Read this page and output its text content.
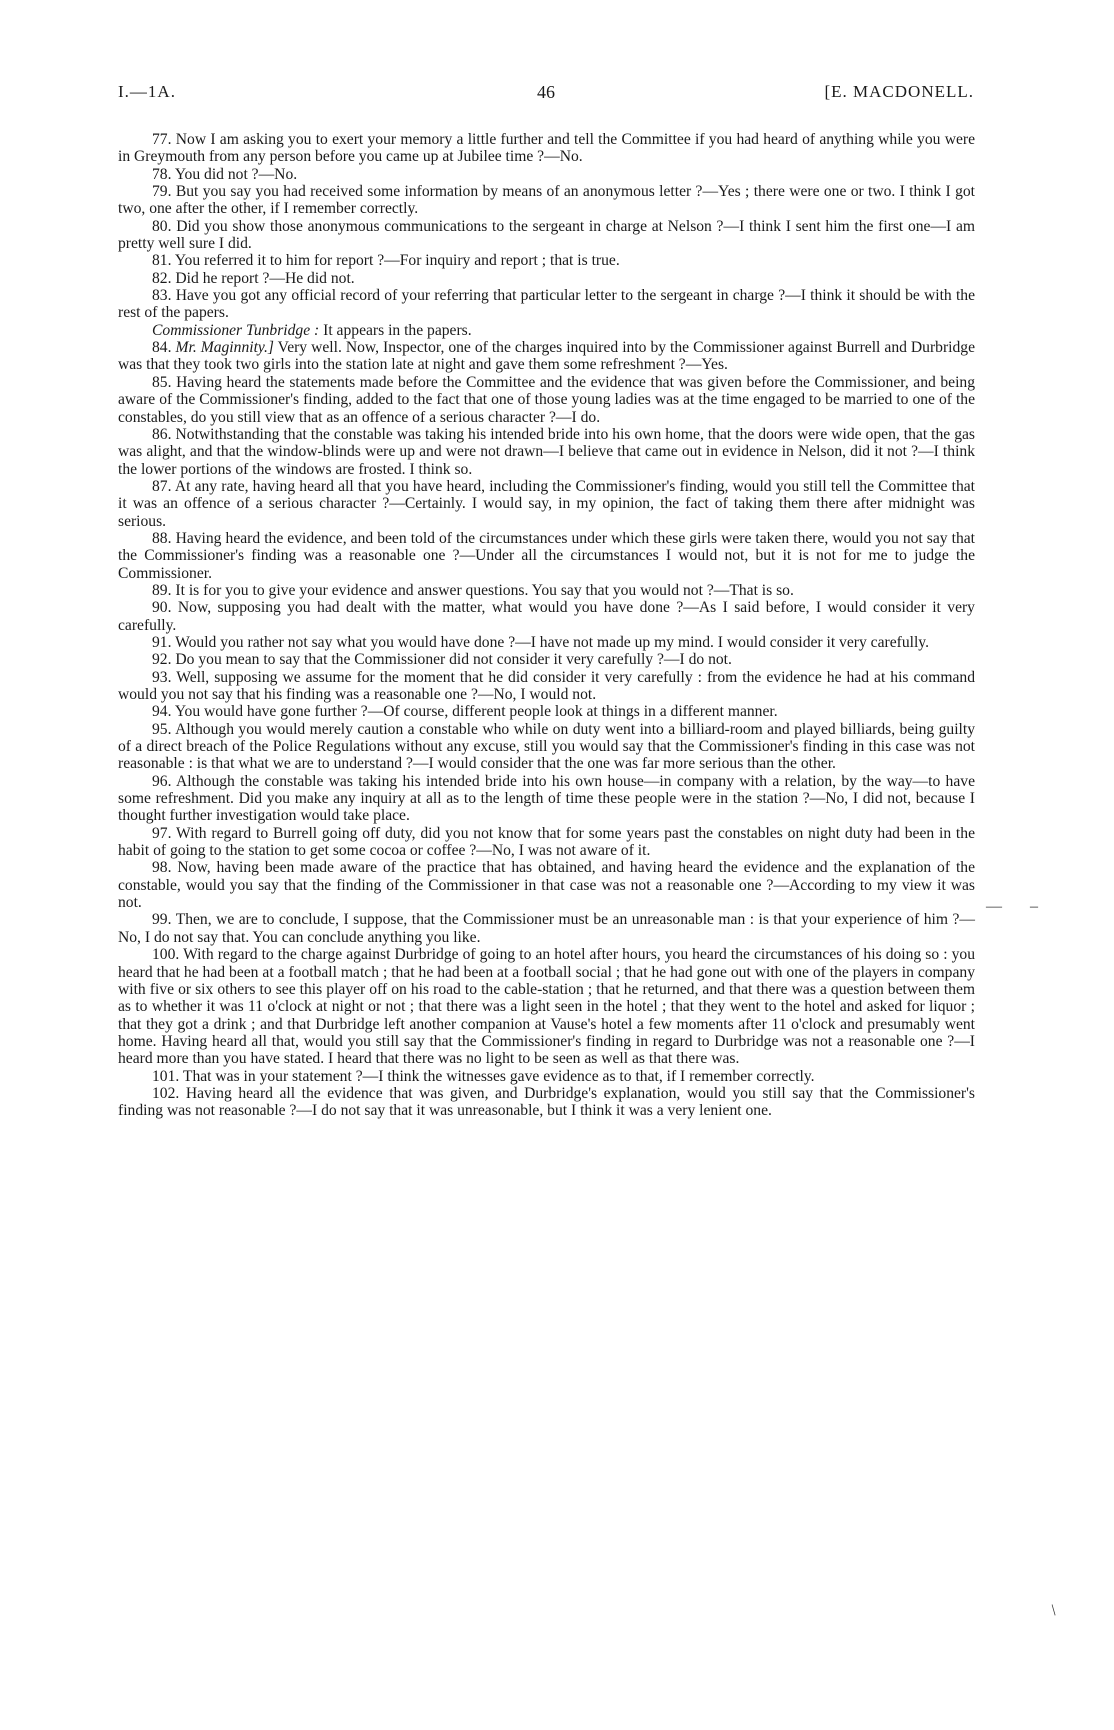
I.—1A.	46	[E. MACDONELL.

77. Now I am asking you to exert your memory a little further and tell the Committee if you had heard of anything while you were in Greymouth from any person before you came up at Jubilee time ?—No.

78. You did not ?—No.

79. But you say you had received some information by means of an anonymous letter ?—Yes ; there were one or two. I think I got two, one after the other, if I remember correctly.

80. Did you show those anonymous communications to the sergeant in charge at Nelson ?—I think I sent him the first one—I am pretty well sure I did.

81. You referred it to him for report ?—For inquiry and report ; that is true.

82. Did he report ?—He did not.

83. Have you got any official record of your referring that particular letter to the sergeant in charge ?—I think it should be with the rest of the papers.

Commissioner Tunbridge : It appears in the papers.

84. Mr. Maginnity.] Very well. Now, Inspector, one of the charges inquired into by the Commissioner against Burrell and Durbridge was that they took two girls into the station late at night and gave them some refreshment ?—Yes.

85. Having heard the statements made before the Committee and the evidence that was given before the Commissioner, and being aware of the Commissioner's finding, added to the fact that one of those young ladies was at the time engaged to be married to one of the constables, do you still view that as an offence of a serious character ?—I do.

86. Notwithstanding that the constable was taking his intended bride into his own home, that the doors were wide open, that the gas was alight, and that the window-blinds were up and were not drawn—I believe that came out in evidence in Nelson, did it not ?—I think the lower portions of the windows are frosted. I think so.

87. At any rate, having heard all that you have heard, including the Commissioner's finding, would you still tell the Committee that it was an offence of a serious character ?—Certainly. I would say, in my opinion, the fact of taking them there after midnight was serious.

88. Having heard the evidence, and been told of the circumstances under which these girls were taken there, would you not say that the Commissioner's finding was a reasonable one ?—Under all the circumstances I would not, but it is not for me to judge the Commissioner.

89. It is for you to give your evidence and answer questions. You say that you would not ?—That is so.

90. Now, supposing you had dealt with the matter, what would you have done ?—As I said before, I would consider it very carefully.

91. Would you rather not say what you would have done ?—I have not made up my mind. I would consider it very carefully.

92. Do you mean to say that the Commissioner did not consider it very carefully ?—I do not.

93. Well, supposing we assume for the moment that he did consider it very carefully : from the evidence he had at his command would you not say that his finding was a reasonable one ?—No, I would not.

94. You would have gone further ?—Of course, different people look at things in a different manner.

95. Although you would merely caution a constable who while on duty went into a billiard-room and played billiards, being guilty of a direct breach of the Police Regulations without any excuse, still you would say that the Commissioner's finding in this case was not reasonable : is that what we are to understand ?—I would consider that the one was far more serious than the other.

96. Although the constable was taking his intended bride into his own house—in company with a relation, by the way—to have some refreshment. Did you make any inquiry at all as to the length of time these people were in the station ?—No, I did not, because I thought further investigation would take place.

97. With regard to Burrell going off duty, did you not know that for some years past the constables on night duty had been in the habit of going to the station to get some cocoa or coffee ?—No, I was not aware of it.

98. Now, having been made aware of the practice that has obtained, and having heard the evidence and the explanation of the constable, would you say that the finding of the Commissioner in that case was not a reasonable one ?—According to my view it was not.

99. Then, we are to conclude, I suppose, that the Commissioner must be an unreasonable man : is that your experience of him ?—No, I do not say that. You can conclude anything you like.

100. With regard to the charge against Durbridge of going to an hotel after hours, you heard the circumstances of his doing so : you heard that he had been at a football match ; that he had been at a football social ; that he had gone out with one of the players in company with five or six others to see this player off on his road to the cable-station ; that he returned, and that there was a question between them as to whether it was 11 o'clock at night or not ; that there was a light seen in the hotel ; that they went to the hotel and asked for liquor ; that they got a drink ; and that Durbridge left another companion at Vause's hotel a few moments after 11 o'clock and presumably went home. Having heard all that, would you still say that the Commissioner's finding in regard to Durbridge was not a reasonable one ?—I heard more than you have stated. I heard that there was no light to be seen as well as that there was.

101. That was in your statement ?—I think the witnesses gave evidence as to that, if I remember correctly.

102. Having heard all the evidence that was given, and Durbridge's explanation, would you still say that the Commissioner's finding was not reasonable ?—I do not say that it was unreasonable, but I think it was a very lenient one.

— ‒
/
